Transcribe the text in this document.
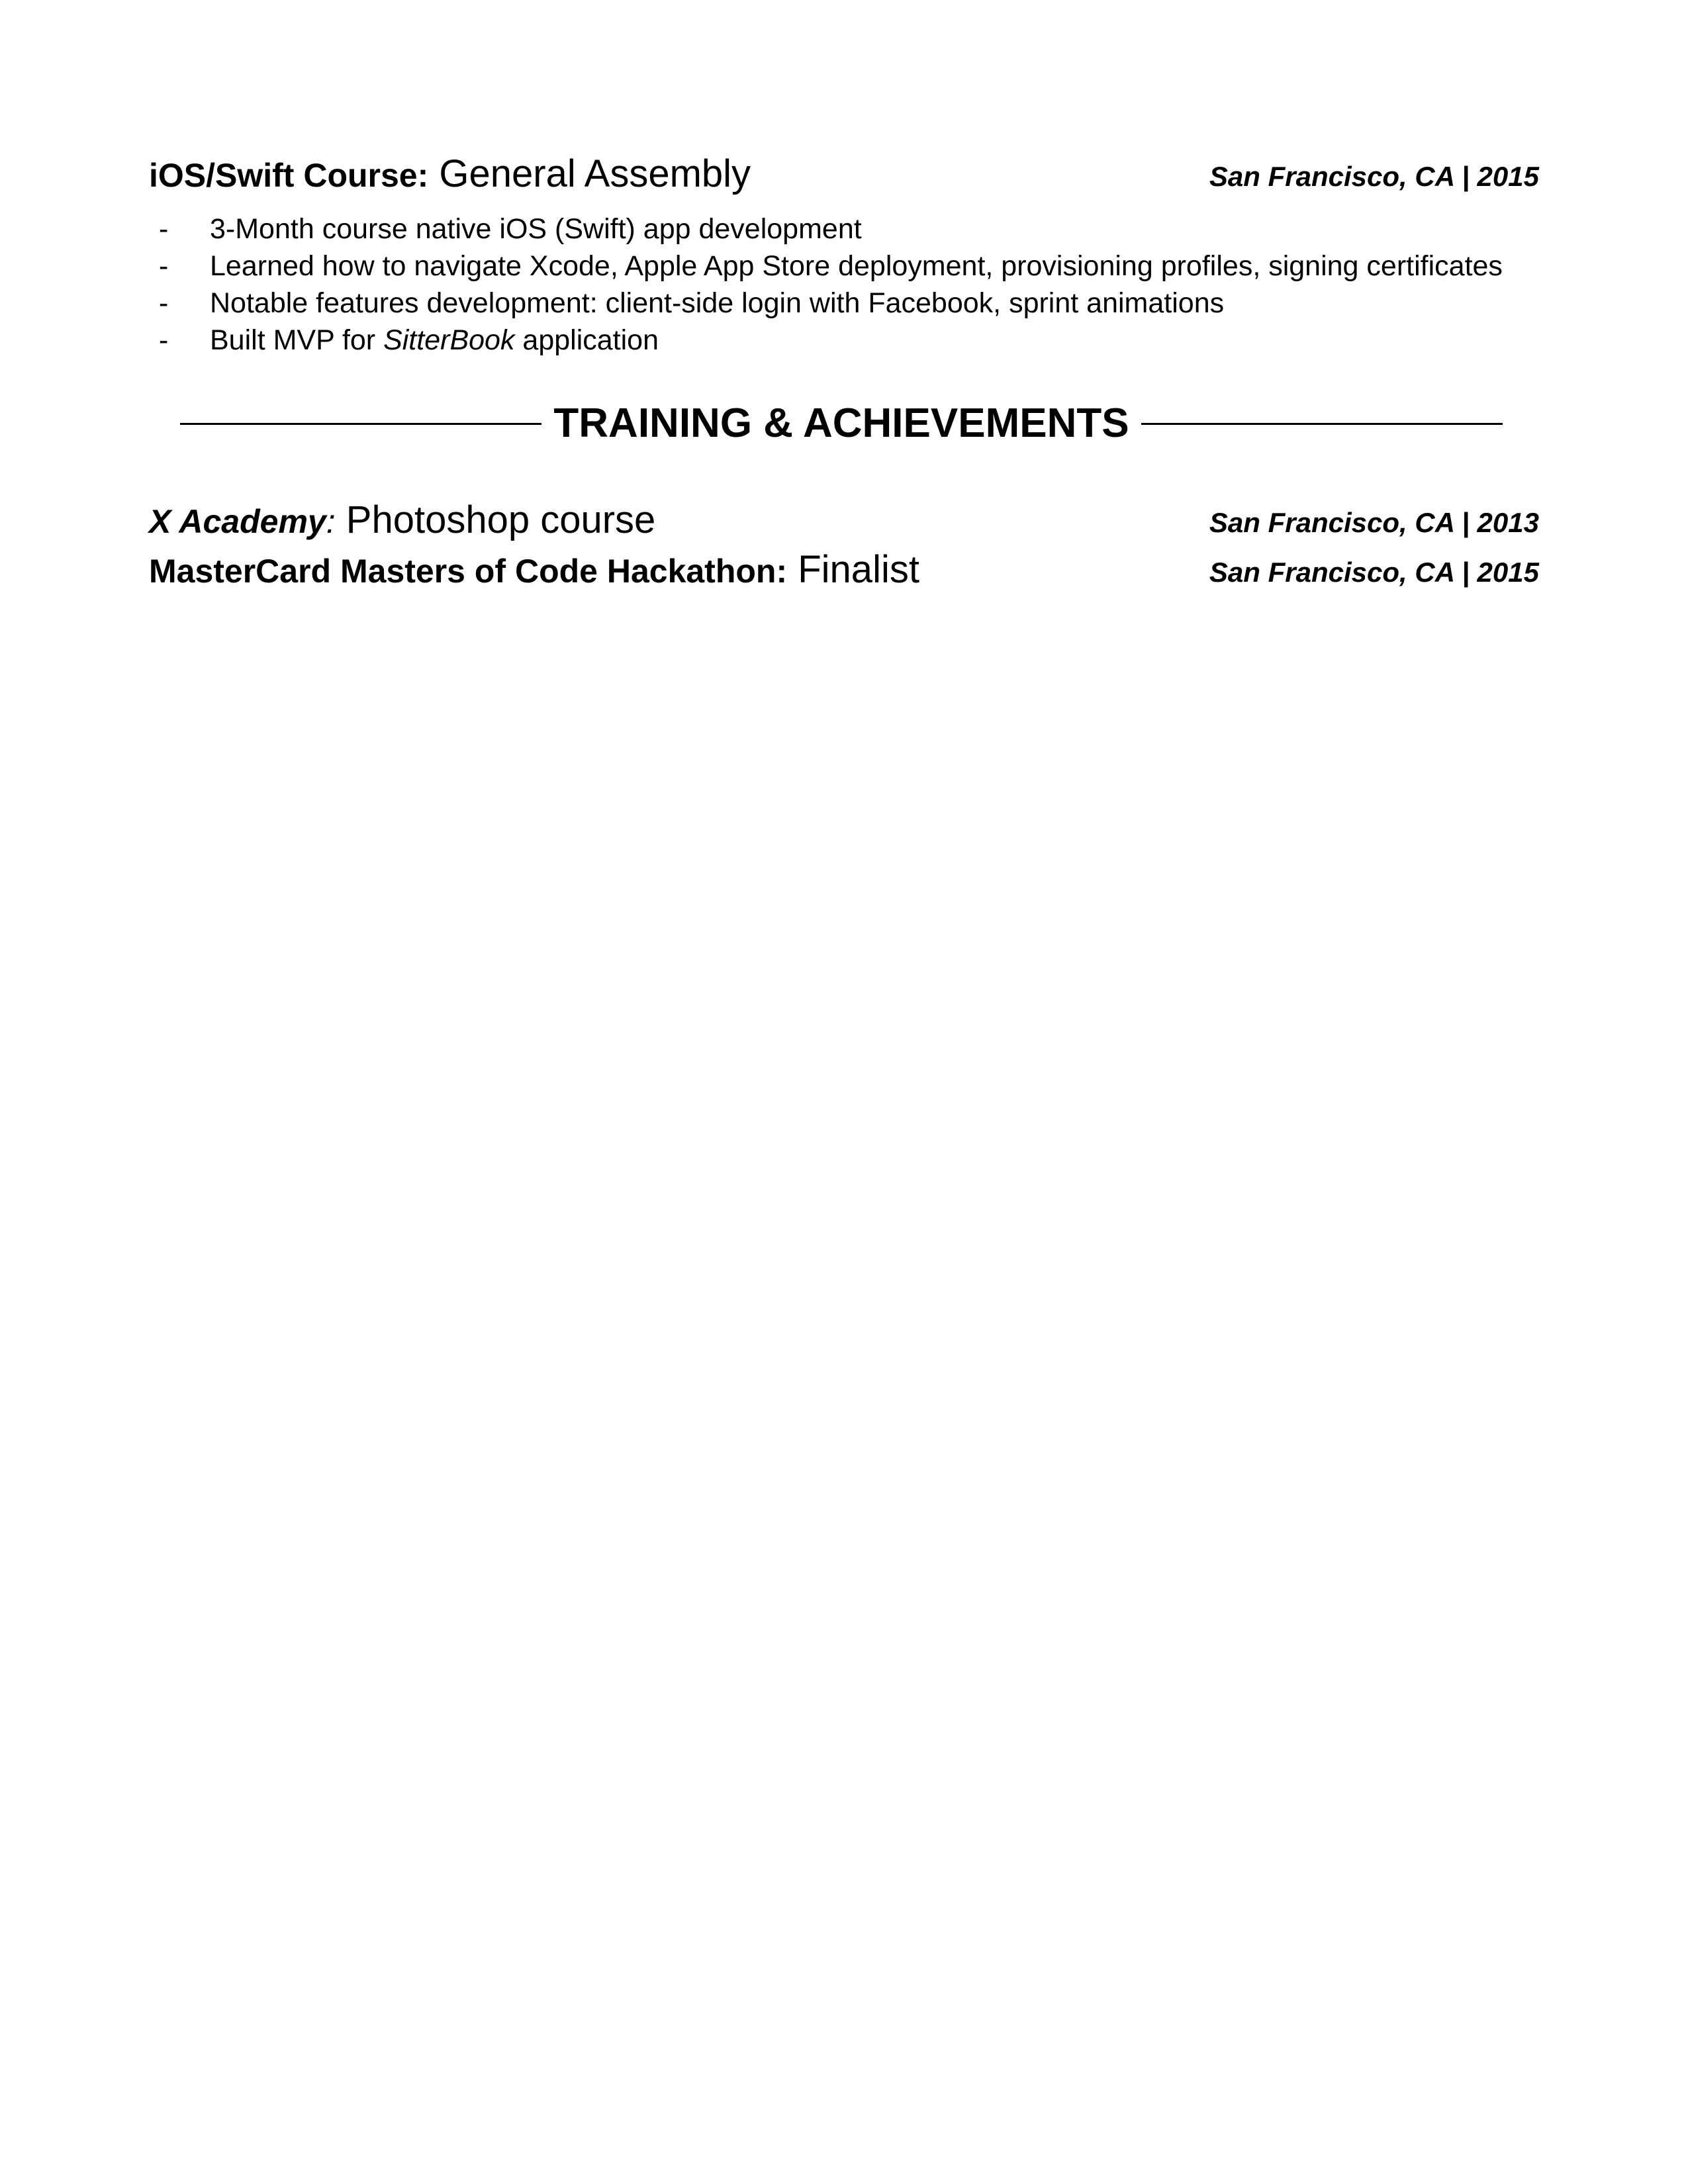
iOS/Swift Course: General Assembly	San Francisco, CA | 2015
- 3-Month course native iOS (Swift) app development
- Learned how to navigate Xcode, Apple App Store deployment, provisioning profiles, signing certificates
- Notable features development: client-side login with Facebook, sprint animations
- Built MVP for SitterBook application
TRAINING & ACHIEVEMENTS
X Academy: Photoshop course	San Francisco, CA | 2013
MasterCard Masters of Code Hackathon: Finalist	San Francisco, CA | 2015
